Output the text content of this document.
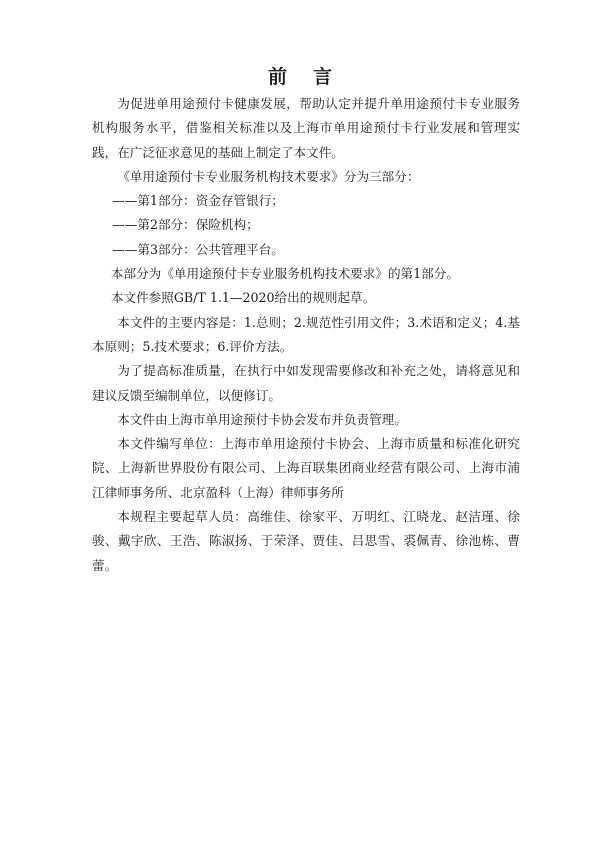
前言

为促进单用途预付卡健康发展，帮助认定并提升单用途预付卡专业服务机构服务水平，借鉴相关标准以及上海市单用途预付卡行业发展和管理实践，在广泛征求意见的基础上制定了本文件。

《单用途预付卡专业服务机构技术要求》分为三部分：

——第1部分：资金存管银行；

——第2部分：保险机构；

——第3部分：公共管理平台。

本部分为《单用途预付卡专业服务机构技术要求》的第1部分。

本文件参照GB/T 1.1—2020给出的规则起草。

本文件的主要内容是：1.总则；2.规范性引用文件；3.术语和定义；4.基本原则；5.技术要求；6.评价方法。

为了提高标准质量，在执行中如发现需要修改和补充之处，请将意见和建议反馈至编制单位，以便修订。

本文件由上海市单用途预付卡协会发布并负责管理。

本文件编写单位：上海市单用途预付卡协会、上海市质量和标准化研究院、上海新世界股份有限公司、上海百联集团商业经营有限公司、上海市浦江律师事务所、北京盈科（上海）律师事务所

本规程主要起草人员：高维佳、徐家平、万明红、江晓龙、赵洁瑾、徐骏、戴宇欣、王浩、陈淑扬、于荣泽、贾佳、吕思雪、裘佩青、徐池栋、曹蕾。
